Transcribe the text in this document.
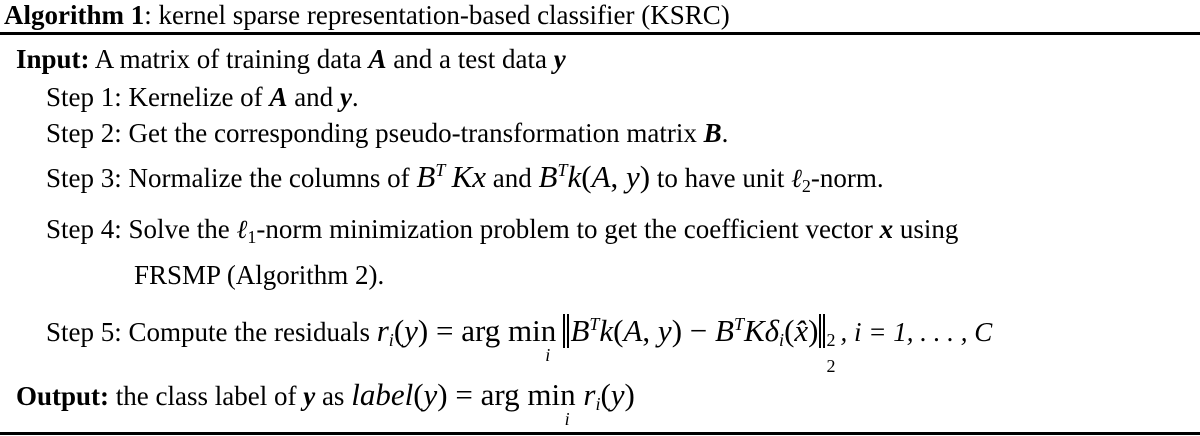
Algorithm 1: kernel sparse representation-based classifier (KSRC)
Input: A matrix of training data A and a test data y
Step 1: Kernelize of A and y.
Step 2: Get the corresponding pseudo-transformation matrix B.
Step 3: Normalize the columns of $B^T$ Kx and $B^Tk(A$, y) to have unit ℓ$_2$-norm.
Step 4: Solve the ℓ$_1$-norm minimization problem to get the coefficient vector x using
FRSMP (Algorithm 2).
Step 5: Compute the residuals $r_i(y)$ = arg min
i
 $B^Tk(A$, $y) - B^TK\delta_i(x̂)$ 2
2
, i = 1, . . . , C
Output: the class label of y as label(y) = arg min
i
$r_i(y)$
